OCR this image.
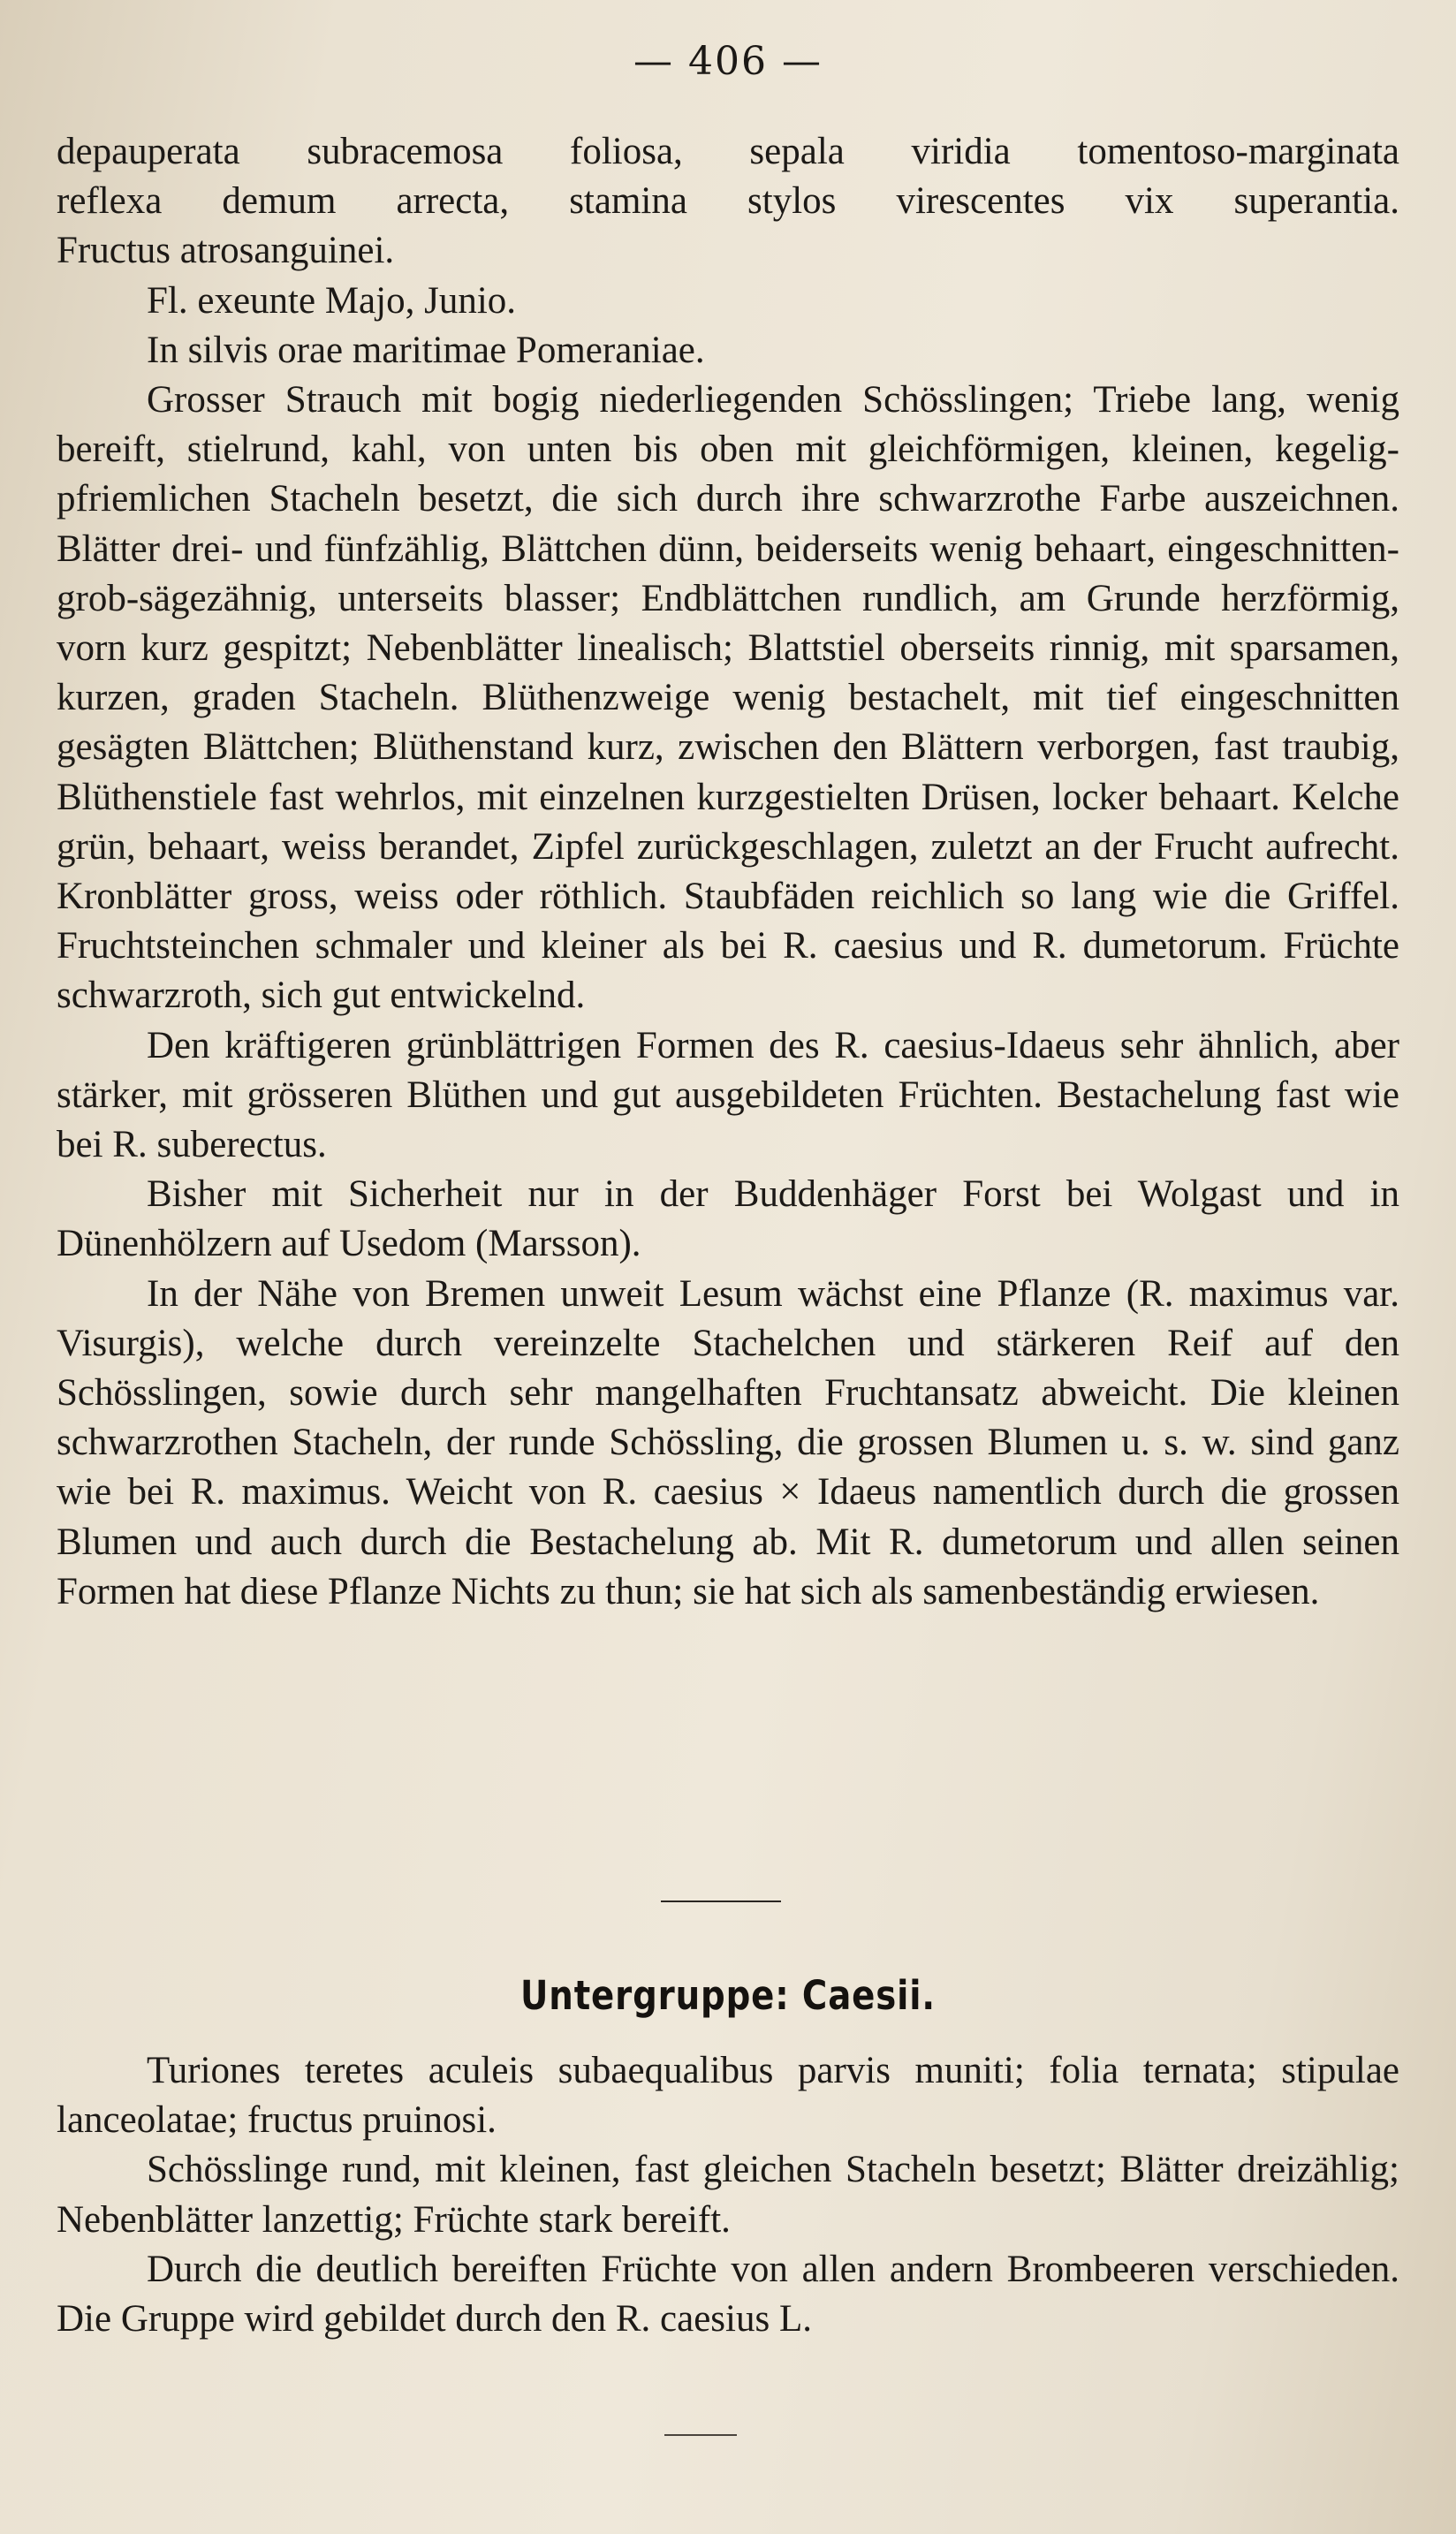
— 406 —

depauperata subracemosa foliosa, sepala viridia tomentoso-marginata

reflexa demum arrecta, stamina stylos virescentes vix superantia.

Fructus atrosanguinei.

Fl. exeunte Majo, Junio.

In silvis orae maritimae Pomeraniae.

Grosser Strauch mit bogig niederliegenden Schösslingen; Triebe lang, wenig bereift, stielrund, kahl, von unten bis oben mit gleichförmigen, kleinen, kegelig-pfriemlichen Stacheln besetzt, die sich durch ihre schwarzrothe Farbe auszeichnen. Blätter drei- und fünfzählig, Blättchen dünn, beiderseits wenig behaart, eingeschnitten-grob-sägezähnig, unterseits blasser; Endblättchen rundlich, am Grunde herzförmig, vorn kurz gespitzt; Nebenblätter linealisch; Blattstiel oberseits rinnig, mit sparsamen, kurzen, graden Stacheln. Blüthenzweige wenig bestachelt, mit tief eingeschnitten gesägten Blättchen; Blüthenstand kurz, zwischen den Blättern verborgen, fast traubig, Blüthenstiele fast wehrlos, mit einzelnen kurzgestielten Drüsen, locker behaart. Kelche grün, behaart, weiss berandet, Zipfel zurückgeschlagen, zuletzt an der Frucht aufrecht. Kronblätter gross, weiss oder röthlich. Staubfäden reichlich so lang wie die Griffel. Fruchtsteinchen schmaler und kleiner als bei R. caesius und R. dumetorum. Früchte schwarzroth, sich gut entwickelnd.

Den kräftigeren grünblättrigen Formen des R. caesius-Idaeus sehr ähnlich, aber stärker, mit grösseren Blüthen und gut ausgebildeten Früchten. Bestachelung fast wie bei R. suberectus.

Bisher mit Sicherheit nur in der Buddenhäger Forst bei Wolgast und in Dünenhölzern auf Usedom (Marsson).

In der Nähe von Bremen unweit Lesum wächst eine Pflanze (R. maximus var. Visurgis), welche durch vereinzelte Stachelchen und stärkeren Reif auf den Schösslingen, sowie durch sehr mangelhaften Fruchtansatz abweicht. Die kleinen schwarzrothen Stacheln, der runde Schössling, die grossen Blumen u. s. w. sind ganz wie bei R. maximus. Weicht von R. caesius × Idaeus namentlich durch die grossen Blumen und auch durch die Bestachelung ab. Mit R. dumetorum und allen seinen Formen hat diese Pflanze Nichts zu thun; sie hat sich als samenbeständig erwiesen.

Untergruppe: Caesii.

Turiones teretes aculeis subaequalibus parvis muniti; folia ternata; stipulae lanceolatae; fructus pruinosi.

Schösslinge rund, mit kleinen, fast gleichen Stacheln besetzt; Blätter dreizählig; Nebenblätter lanzettig; Früchte stark bereift.

Durch die deutlich bereiften Früchte von allen andern Brombeeren verschieden. Die Gruppe wird gebildet durch den R. caesius L.
